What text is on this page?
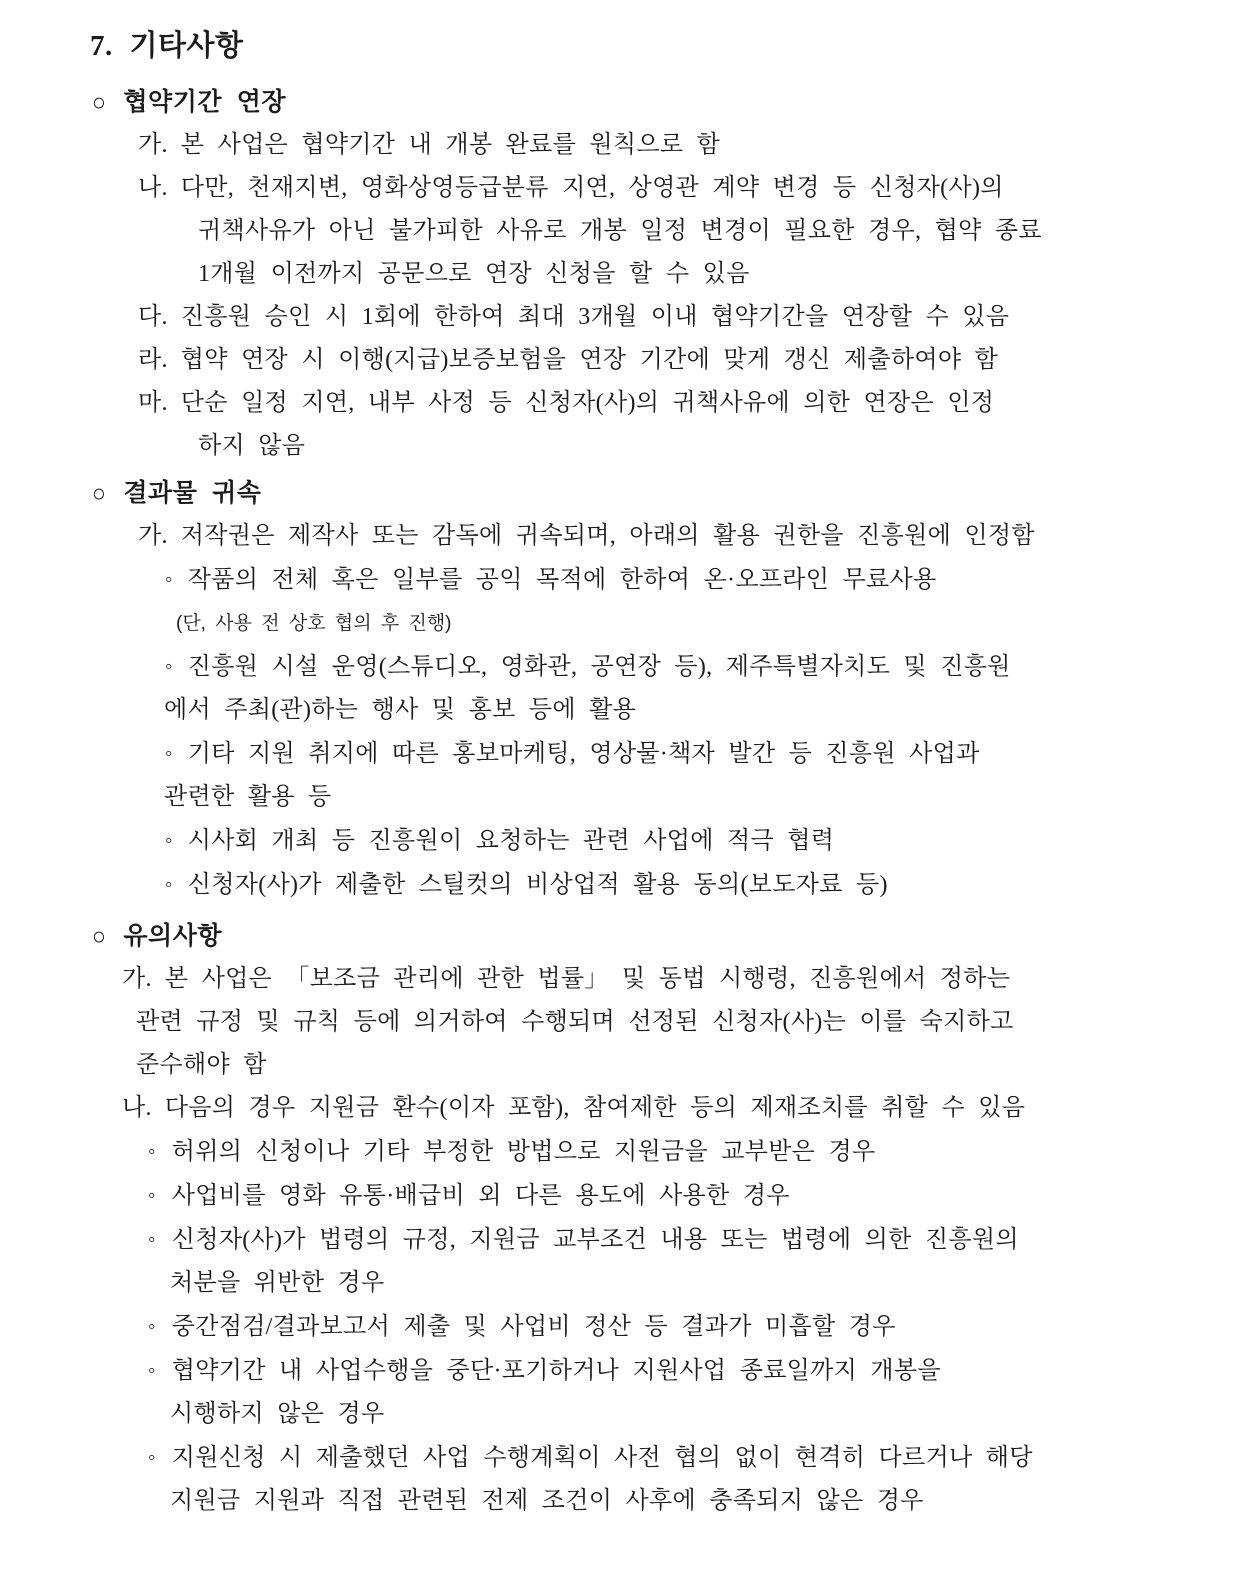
7. 기타사항
○ 협약기간 연장
가. 본 사업은 협약기간 내 개봉 완료를 원칙으로 함
나. 다만, 천재지변, 영화상영등급분류 지연, 상영관 계약 변경 등 신청자(사)의
귀책사유가 아닌 불가피한 사유로 개봉 일정 변경이 필요한 경우, 협약 종료
1개월 이전까지 공문으로 연장 신청을 할 수 있음
다. 진흥원 승인 시 1회에 한하여 최대 3개월 이내 협약기간을 연장할 수 있음
라. 협약 연장 시 이행(지급)보증보험을 연장 기간에 맞게 갱신 제출하여야 함
마. 단순 일정 지연, 내부 사정 등 신청자(사)의 귀책사유에 의한 연장은 인정
하지 않음
○ 결과물 귀속
가. 저작권은 제작사 또는 감독에 귀속되며, 아래의 활용 권한을 진흥원에 인정함
◦ 작품의 전체 혹은 일부를 공익 목적에 한하여 온·오프라인 무료사용
(단, 사용 전 상호 협의 후 진행)
◦ 진흥원 시설 운영(스튜디오, 영화관, 공연장 등), 제주특별자치도 및 진흥원
에서 주최(관)하는 행사 및 홍보 등에 활용
◦ 기타 지원 취지에 따른 홍보마케팅, 영상물·책자 발간 등 진흥원 사업과
관련한 활용 등
◦ 시사회 개최 등 진흥원이 요청하는 관련 사업에 적극 협력
◦ 신청자(사)가 제출한 스틸컷의 비상업적 활용 동의(보도자료 등)
○ 유의사항
가. 본 사업은 「보조금 관리에 관한 법률」 및 동법 시행령, 진흥원에서 정하는
관련 규정 및 규칙 등에 의거하여 수행되며 선정된 신청자(사)는 이를 숙지하고
준수해야 함
나. 다음의 경우 지원금 환수(이자 포함), 참여제한 등의 제재조치를 취할 수 있음
◦ 허위의 신청이나 기타 부정한 방법으로 지원금을 교부받은 경우
◦ 사업비를 영화 유통·배급비 외 다른 용도에 사용한 경우
◦ 신청자(사)가 법령의 규정, 지원금 교부조건 내용 또는 법령에 의한 진흥원의
처분을 위반한 경우
◦ 중간점검/결과보고서 제출 및 사업비 정산 등 결과가 미흡할 경우
◦ 협약기간 내 사업수행을 중단·포기하거나 지원사업 종료일까지 개봉을
시행하지 않은 경우
◦ 지원신청 시 제출했던 사업 수행계획이 사전 협의 없이 현격히 다르거나 해당
지원금 지원과 직접 관련된 전제 조건이 사후에 충족되지 않은 경우
